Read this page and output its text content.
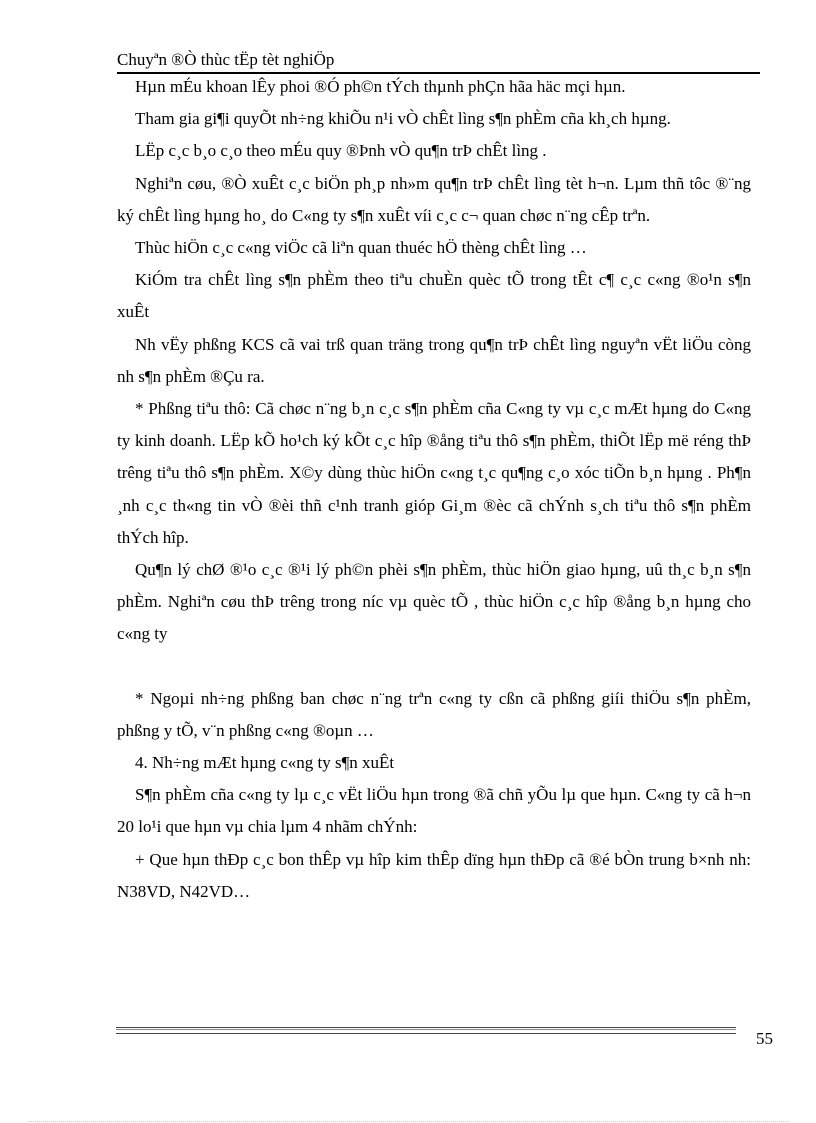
Chuyªn ®Ò thùc tËp tèt nghiÖp

Hµn mÉu khoan lÊy phoi ®Ó ph©n tÝch thµnh phÇn hãa häc mçi hµn.

Tham gia gi¶i quyÕt nh÷ng khiÕu n¹i vÒ chÊt lìng s¶n phÈm cña kh¸ch hµng.

LËp c¸c b¸o c¸o theo mÉu quy ®Þnh vÒ qu¶n trÞ chÊt lìng .

Nghiªn cøu, ®Ò xuÊt c¸c biÖn ph¸p nh»m qu¶n trÞ chÊt lìng tèt h¬n. Lµm thñ tôc ®¨ng ký chÊt lìng hµng ho¸ do C«ng ty s¶n xuÊt víi c¸c c¬ quan chøc n¨ng cÊp trªn.

Thùc hiÖn c¸c c«ng viÖc cã liªn quan thuéc hÖ thèng chÊt lìng …

KiÓm tra chÊt lìng s¶n phÈm theo tiªu chuÈn quèc tÕ trong tÊt c¶ c¸c c«ng ®o¹n s¶n xuÊt

Nh vËy phßng KCS cã vai trß quan träng trong qu¶n trÞ chÊt lìng nguyªn vËt liÖu còng nh s¶n phÈm ®Çu ra.

* Phßng tiªu thô: Cã chøc n¨ng b¸n c¸c s¶n phÈm cña C«ng ty vµ c¸c mÆt hµng do C«ng ty kinh doanh. LËp kÕ ho¹ch ký kÕt c¸c hîp ®ång tiªu thô s¶n phÈm, thiÕt lËp më réng thÞ trêng tiªu thô s¶n phÈm. X©y dùng thùc hiÖn c«ng t¸c qu¶ng c¸o xóc tiÕn b¸n hµng . Ph¶n ¸nh c¸c th«ng tin vÒ ®èi thñ c¹nh tranh gióp Gi¸m ®èc cã chÝnh s¸ch tiªu thô s¶n phÈm thÝch hîp.

Qu¶n lý chØ ®¹o c¸c ®¹i lý ph©n phèi s¶n phÈm, thùc hiÖn giao hµng, uû th¸c b¸n s¶n phÈm. Nghiªn cøu thÞ trêng trong níc vµ quèc tÕ , thùc hiÖn c¸c hîp ®ång b¸n hµng cho c«ng ty

* Ngoµi nh÷ng phßng ban chøc n¨ng trªn c«ng ty cßn cã phßng giíi thiÖu s¶n phÈm, phßng y tÕ, v¨n phßng c«ng ®oµn …

4. Nh÷ng mÆt hµng c«ng ty s¶n xuÊt

S¶n phÈm cña c«ng ty lµ c¸c vËt liÖu hµn trong ®ã chñ yÕu lµ que hµn. C«ng ty cã h¬n 20 lo¹i que hµn vµ chia lµm 4 nhãm chÝnh:

+ Que hµn thÐp c¸c bon thÊp vµ hîp kim thÊp dïng hµn thÐp cã ®é bÒn trung b×nh nh: N38VD, N42VD…

55
